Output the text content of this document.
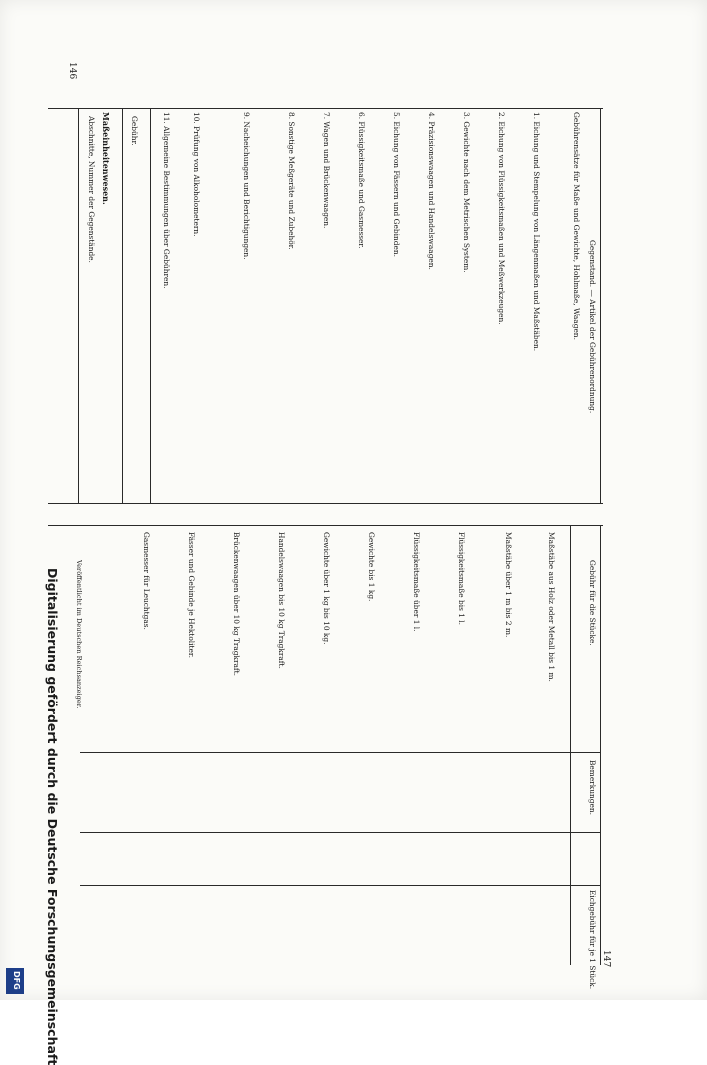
146
Maßeinheitenwesen.
Abschnitte, Nummer der Gegenstände.	Gebühr.
Gegenstand. — Artikel der Gebührenordnung.
Gebührensätze für Maße und Gewichte, Hohlmaße, Waagen.
1. Eichung und Stempelung von Längenmaßen und Maßstäben.
2. Eichung von Flüssigkeitsmaßen und Meßwerkzeugen.
3. Gewichte nach dem Metrischen System.
4. Präzisionswaagen und Handelswaagen.
5. Eichung von Fässern und Gebinden.
6. Flüssigkeitsmaße und Gasmesser.
7. Wagen und Brückenwaagen.
8. Sonstige Meßgeräte und Zubehör.
9. Nacheichungen und Berichtigungen.
10. Prüfung von Alkoholometern.
11. Allgemeine Bestimmungen über Gebühren.
Gebühr für die Stücke.
Bemerkungen.
Eichgebühr für je 1 Stück.
Maßstäbe aus Holz oder Metall bis 1 m.
Maßstäbe über 1 m bis 2 m.
Flüssigkeitsmaße bis 1 l.
Flüssigkeitsmaße über 1 l.
Gewichte bis 1 kg.
Gewichte über 1 kg bis 10 kg.
Handelswaagen bis 10 kg Tragkraft.
Brückenwaagen über 10 kg Tragkraft.
Fässer und Gebinde je Hektoliter.
Gasmesser für Leuchtgas.
Veröffentlicht im Deutschen Reichsanzeiger.
147
Digitalisierung gefördert durch die Deutsche Forschungsgemeinschaft
DFG
